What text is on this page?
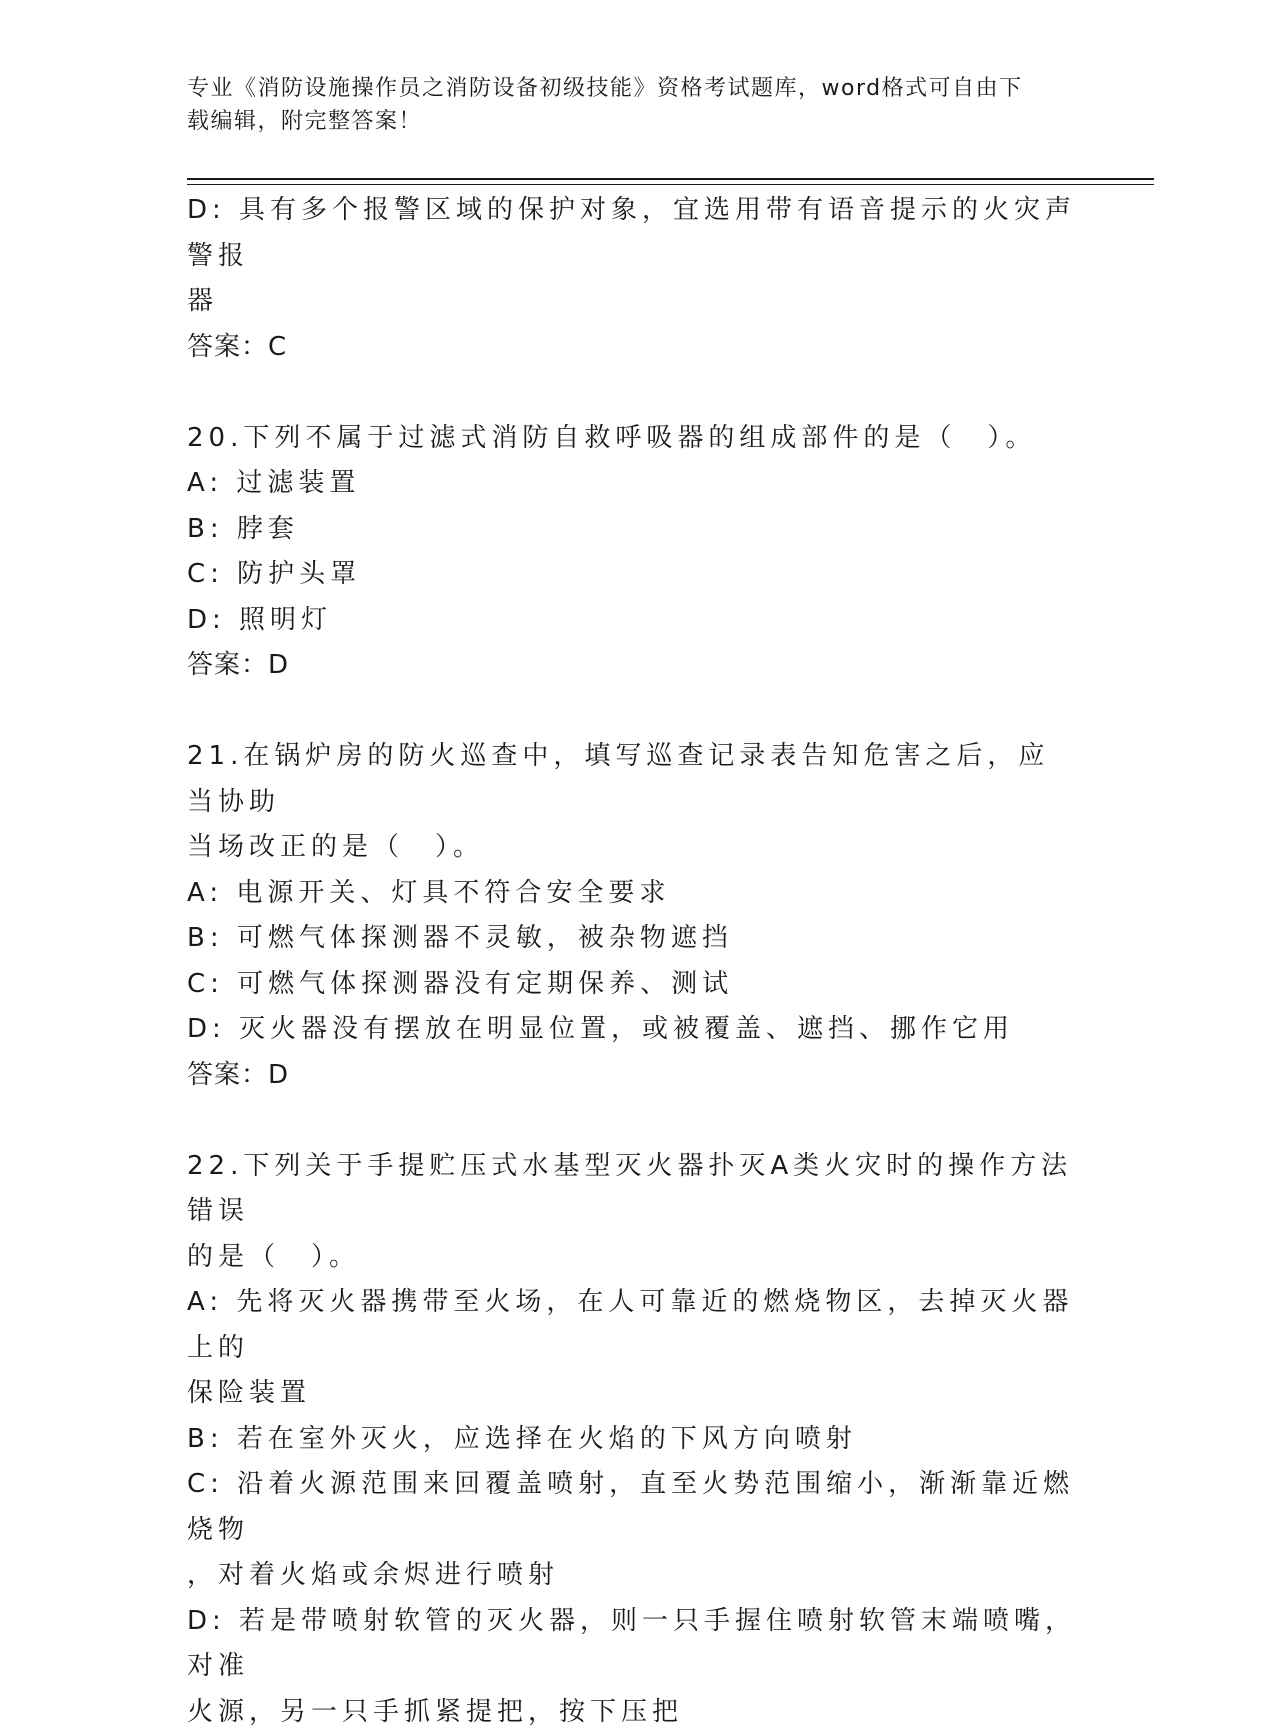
专业《消防设施操作员之消防设备初级技能》资格考试题库，word格式可自由下
载编辑，附完整答案！

D: 具有多个报警区域的保护对象，宜选用带有语音提示的火灾声警报

器

答案：C

20.下列不属于过滤式消防自救呼吸器的组成部件的是（　）。

A: 过滤装置

B: 脖套

C: 防护头罩

D: 照明灯

答案：D

21.在锅炉房的防火巡查中，填写巡查记录表告知危害之后，应当协助

当场改正的是（　）。

A: 电源开关、灯具不符合安全要求

B: 可燃气体探测器不灵敏，被杂物遮挡

C: 可燃气体探测器没有定期保养、测试

D: 灭火器没有摆放在明显位置，或被覆盖、遮挡、挪作它用

答案：D

22.下列关于手提贮压式水基型灭火器扑灭A类火灾时的操作方法错误

的是（　）。

A: 先将灭火器携带至火场，在人可靠近的燃烧物区，去掉灭火器上的

保险装置

B: 若在室外灭火，应选择在火焰的下风方向喷射

C: 沿着火源范围来回覆盖喷射，直至火势范围缩小，渐渐靠近燃烧物

，对着火焰或余烬进行喷射

D: 若是带喷射软管的灭火器，则一只手握住喷射软管末端喷嘴，对准

火源，另一只手抓紧提把，按下压把
